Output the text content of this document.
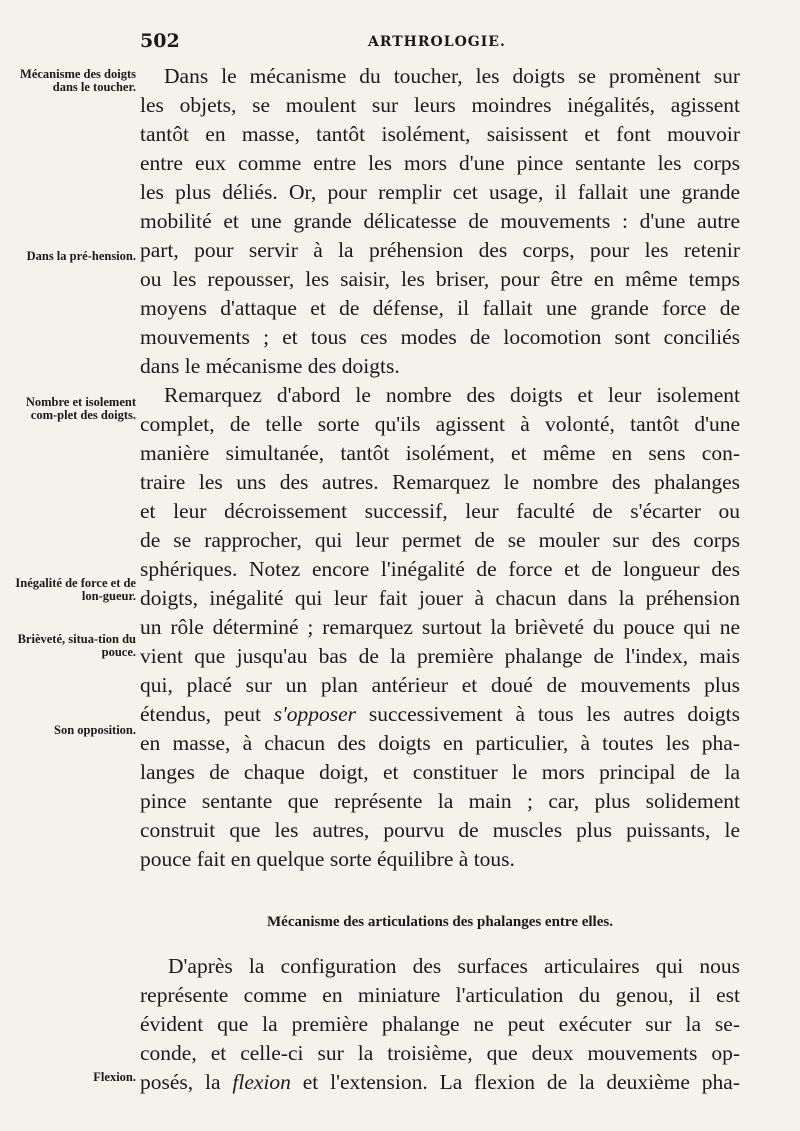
502	ARTHROLOGIE.
Mécanisme des doigts dans le toucher.
Dans la pré-hension.
Nombre et isolement com-plet des doigts.
Inégalité de force et de lon-gueur.
Brièveté, situa-tion du pouce.
Son opposition.
Flexion.
Dans le mécanisme du toucher, les doigts se promènent sur
les objets, se moulent sur leurs moindres inégalités, agissent
tantôt en masse, tantôt isolément, saisissent et font mouvoir
entre eux comme entre les mors d'une pince sentante les corps
les plus déliés. Or, pour remplir cet usage, il fallait une grande
mobilité et une grande délicatesse de mouvements : d'une autre
part, pour servir à la préhension des corps, pour les retenir
ou les repousser, les saisir, les briser, pour être en même temps
moyens d'attaque et de défense, il fallait une grande force de
mouvements ; et tous ces modes de locomotion sont conciliés
dans le mécanisme des doigts.
Remarquez d'abord le nombre des doigts et leur isolement
complet, de telle sorte qu'ils agissent à volonté, tantôt d'une
manière simultanée, tantôt isolément, et même en sens con-
traire les uns des autres. Remarquez le nombre des phalanges
et leur décroissement successif, leur faculté de s'écarter ou
de se rapprocher, qui leur permet de se mouler sur des corps
sphériques. Notez encore l'inégalité de force et de longueur des
doigts, inégalité qui leur fait jouer à chacun dans la préhension
un rôle déterminé ; remarquez surtout la brièveté du pouce qui ne
vient que jusqu'au bas de la première phalange de l'index, mais
qui, placé sur un plan antérieur et doué de mouvements plus
étendus, peut s'opposer successivement à tous les autres doigts
en masse, à chacun des doigts en particulier, à toutes les pha-
langes de chaque doigt, et constituer le mors principal de la
pince sentante que représente la main ; car, plus solidement
construit que les autres, pourvu de muscles plus puissants, le
pouce fait en quelque sorte équilibre à tous.
Mécanisme des articulations des phalanges entre elles.
D'après la configuration des surfaces articulaires qui nous
représente comme en miniature l'articulation du genou, il est
évident que la première phalange ne peut exécuter sur la se-
conde, et celle-ci sur la troisième, que deux mouvements op-
posés, la flexion et l'extension. La flexion de la deuxième pha-
